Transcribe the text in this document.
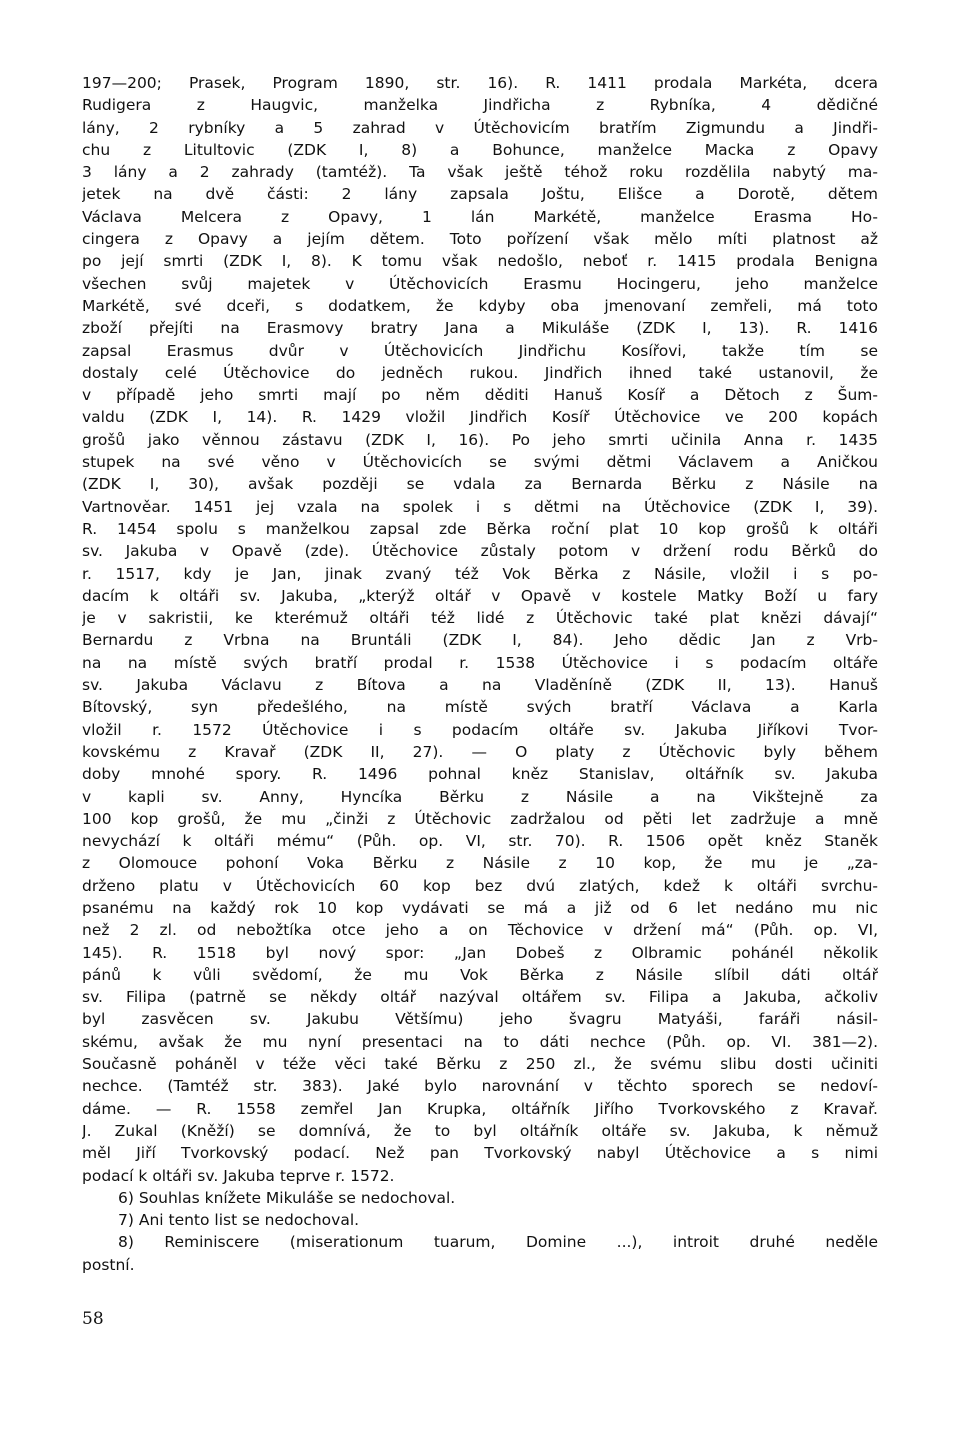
197—200; Prasek, Program 1890, str. 16). R. 1411 prodala Markéta, dcera
Rudigera z Haugvic, manželka Jindřicha z Rybníka, 4 dědičné
lány, 2 rybníky a 5 zahrad v Útěchovicím bratřím Zigmundu a Jindři-
chu z Litultovic (ZDK I, 8) a Bohunce, manželce Macka z Opavy
3 lány a 2 zahrady (tamtéž). Ta však ještě téhož roku rozdělila nabytý ma-
jetek na dvě části: 2 lány zapsala Joštu, Elišce a Dorotě, dětem
Václava Melcera z Opavy, 1 lán Markétě, manželce Erasma Ho-
cingera z Opavy a jejím dětem. Toto pořízení však mělo míti platnost až
po její smrti (ZDK I, 8). K tomu však nedošlo, neboť r. 1415 prodala Benigna
všechen svůj majetek v Útěchovicích Erasmu Hocingeru, jeho manželce
Markétě, své dceři, s dodatkem, že kdyby oba jmenovaní zemřeli, má toto
zboží přejíti na Erasmovy bratry Jana a Mikuláše (ZDK I, 13). R. 1416
zapsal Erasmus dvůr v Útěchovicích Jindřichu Kosířovi, takže tím se
dostaly celé Útěchovice do jedněch rukou. Jindřich ihned také ustanovil, že
v případě jeho smrti mají po něm děditi Hanuš Kosíř a Dětoch z Šum-
valdu (ZDK I, 14). R. 1429 vložil Jindřich Kosíř Útěchovice ve 200 kopách
grošů jako věnnou zástavu (ZDK I, 16). Po jeho smrti učinila Anna r. 1435
stupek na své věno v Útěchovicích se svými dětmi Václavem a Aničkou
(ZDK I, 30), avšak později se vdala za Bernarda Běrku z Násile na
Vartnověar. 1451 jej vzala na spolek i s dětmi na Útěchovice (ZDK I, 39).
R. 1454 spolu s manželkou zapsal zde Běrka roční plat 10 kop grošů k oltáři
sv. Jakuba v Opavě (zde). Útěchovice zůstaly potom v držení rodu Běrků do
r. 1517, kdy je Jan, jinak zvaný též Vok Běrka z Násile, vložil i s po-
dacím k oltáři sv. Jakuba, „kterýž oltář v Opavě v kostele Matky Boží u fary
je v sakristii, ke kterémuž oltáři též lidé z Útěchovic také plat knězi dávají“
Bernardu z Vrbna na Bruntáli (ZDK I, 84). Jeho dědic Jan z Vrb-
na na místě svých bratří prodal r. 1538 Útěchovice i s podacím oltáře
sv. Jakuba Václavu z Bítova a na Vladěníně (ZDK II, 13). Hanuš
Bítovský, syn předešlého, na místě svých bratří Václava a Karla
vložil r. 1572 Útěchovice i s podacím oltáře sv. Jakuba Jiříkovi Tvor-
kovskému z Kravař (ZDK II, 27). — O platy z Útěchovic byly během
doby mnohé spory. R. 1496 pohnal kněz Stanislav, oltářník sv. Jakuba
v kapli sv. Anny, Hyncíka Běrku z Násile a na Vikštejně za
100 kop grošů, že mu „činži z Útěchovic zadržalou od pěti let zadržuje a mně
nevychází k oltáři mému“ (Půh. op. VI, str. 70). R. 1506 opět kněz Staněk
z Olomouce pohoní Voka Běrku z Násile z 10 kop, že mu je „za-
drženo platu v Útěchovicích 60 kop bez dvú zlatých, kdež k oltáři svrchu-
psanému na každý rok 10 kop vydávati se má a již od 6 let nedáno mu nic
než 2 zl. od nebožtíka otce jeho a on Těchovice v držení má“ (Půh. op. VI,
145). R. 1518 byl nový spor: „Jan Dobeš z Olbramic pohánél několik
pánů k vůli svědomí, že mu Vok Běrka z Násile slíbil dáti oltář
sv. Filipa (patrně se někdy oltář nazýval oltářem sv. Filipa a Jakuba, ačkoliv
byl zasvěcen sv. Jakubu Většímu) jeho švagru Matyáši, faráři násil-
skému, avšak že mu nyní presentaci na to dáti nechce (Půh. op. VI. 381—2).
Současně poháněl v téže věci také Běrku z 250 zl., že svému slibu dosti učiniti
nechce. (Tamtéž str. 383). Jaké bylo narovnání v těchto sporech se nedoví-
dáme. — R. 1558 zemřel Jan Krupka, oltářník Jiřího Tvorkovského z Kravař.
J. Zukal (Kněží) se domnívá, že to byl oltářník oltáře sv. Jakuba, k němuž
měl Jiří Tvorkovský podací. Než pan Tvorkovský nabyl Útěchovice a s nimi
podací k oltáři sv. Jakuba teprve r. 1572.
6) Souhlas knížete Mikuláše se nedochoval.
7) Ani tento list se nedochoval.
8) Reminiscere (miserationum tuarum, Domine ...), introit druhé neděle
postní.
58
